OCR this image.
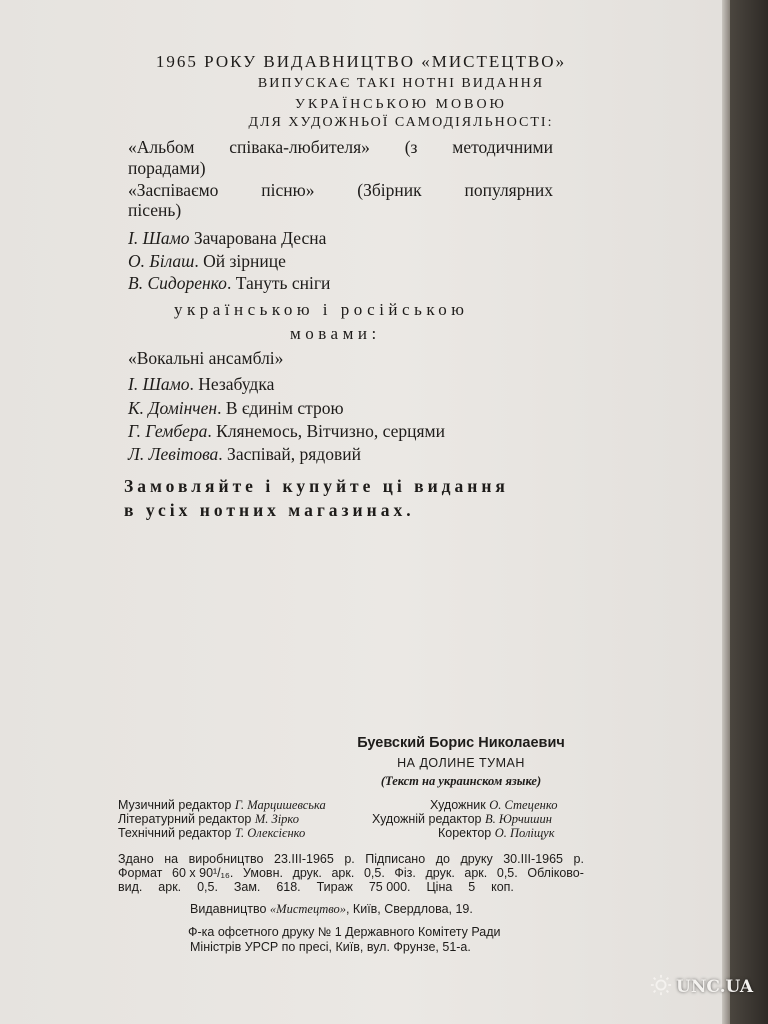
1965 РОКУ ВИДАВНИЦТВО «МИСТЕЦТВО»
ВИПУСКАЄ ТАКІ НОТНІ ВИДАННЯ
УКРАЇНСЬКОЮ МОВОЮ
ДЛЯ ХУДОЖНЬОЇ САМОДІЯЛЬНОСТІ:
«Альбом співака-любителя» (з методичними
порадами)
«Заспіваємо пісню» (Збірник популярних
пісень)
І. Шамо Зачарована Десна
О. Білаш. Ой зірнице
В. Сидоренко. Тануть сніги
українською і російською
мовами:
«Вокальні ансамблі»
І. Шамо. Незабудка
К. Домінчен. В єдинім строю
Г. Гембера. Клянемось, Вітчизно, серцями
Л. Левітова. Заспівай, рядовий
Замовляйте і купуйте ці видання
в усіх нотних магазинах.
Буевский Борис Николаевич
НА ДОЛИНЕ ТУМАН
(Текст на украинском языке)
Музичний редактор Г. Марцишевська	Художник О. Стеценко
Літературний редактор М. Зірко	Художній редактор В. Юрчишин
Технічний редактор Т. Олексієнко	Коректор О. Поліщук
Здано на виробництво 23.III-1965 р. Підписано до друку 30.III-1965 р.
Формат 60 x 90¹/₁₆. Умовн. друк. арк. 0,5. Фіз. друк. арк. 0,5. Обліково-
вид. арк. 0,5. Зам. 618. Тираж 75 000. Ціна 5 коп.
Видавництво «Мистецтво», Київ, Свердлова, 19.
Ф-ка офсетного друку № 1 Державного Комітету Ради
Міністрів УРСР по пресі, Київ, вул. Фрунзе, 51-а.
UNC.UA
